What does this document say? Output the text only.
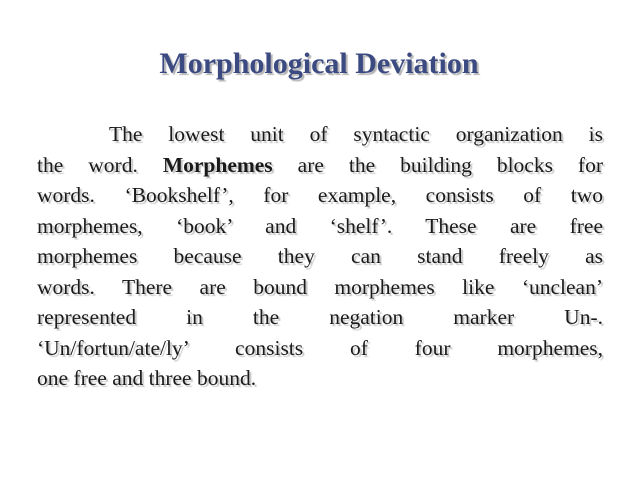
Morphological Deviation

The lowest unit of syntactic organization is
the word. Morphemes are the building blocks for
words. ‘Bookshelf’, for example, consists of two
morphemes, ‘book’ and ‘shelf’. These are free
morphemes because they can stand freely as
words. There are bound morphemes like ‘unclean’
represented in the negation marker Un-.
‘Un/fortun/ate/ly’ consists of four morphemes,
one free and three bound.
